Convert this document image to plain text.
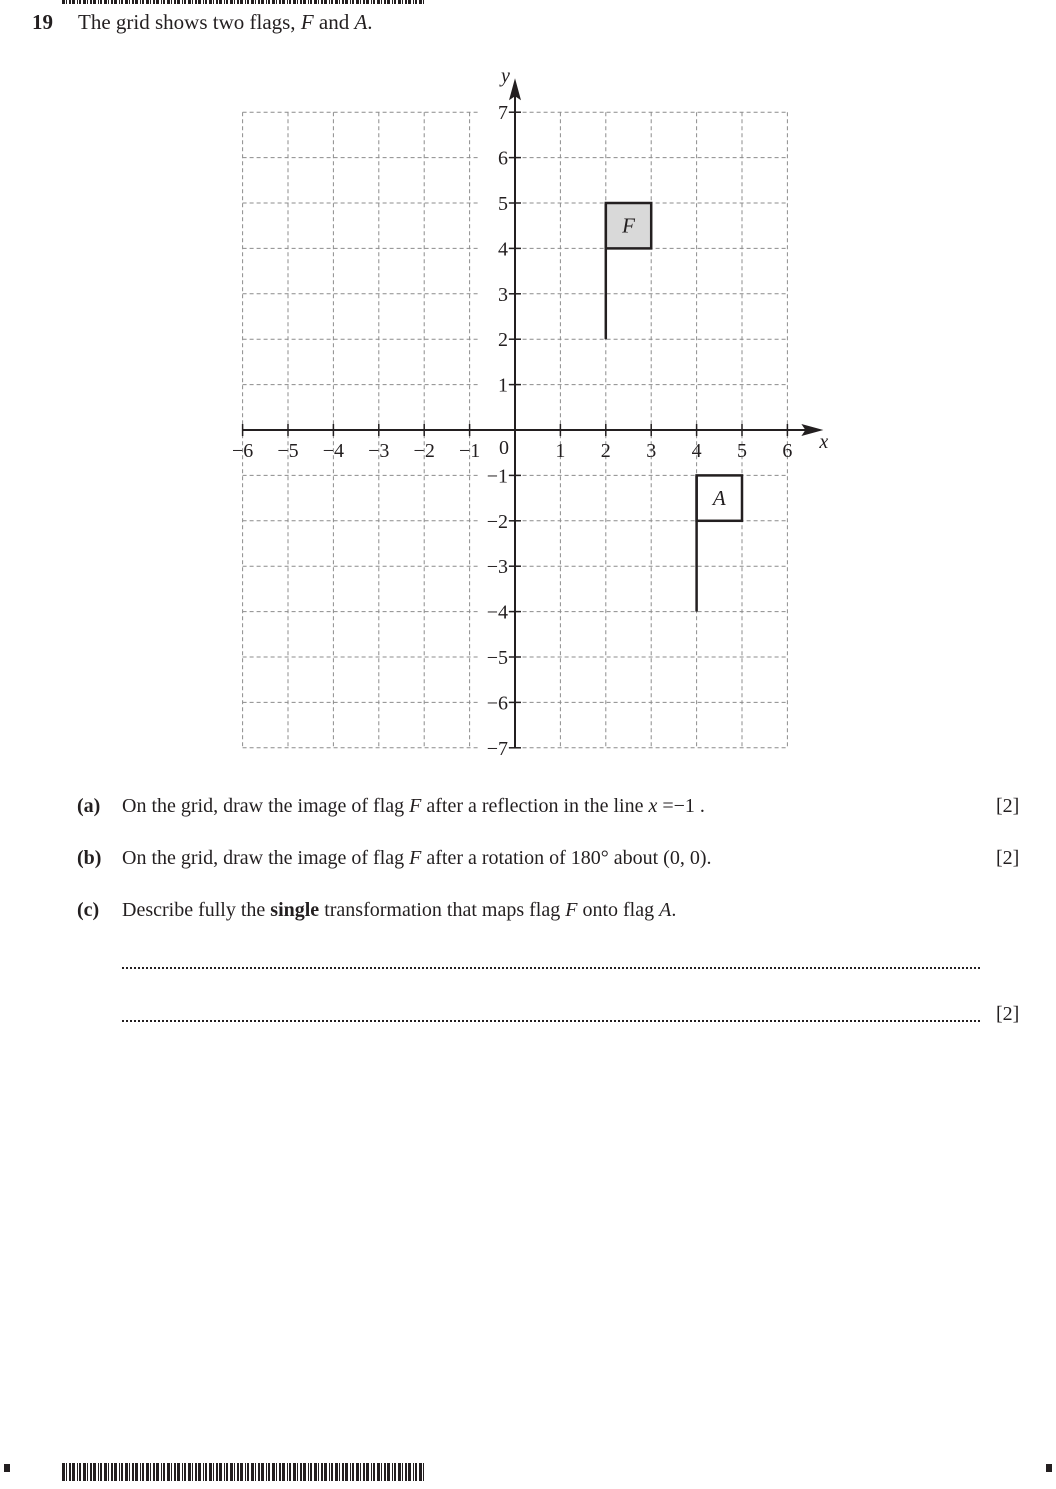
19 The grid shows two flags, F and A.
x
y
0
−6 −5 −4 −3 −2 −1	1 2 3 4 5 6
7
6
5
4
3
2
1
−1
−2
−3
−4
−5
−6
−7
F
A
(a) On the grid, draw the image of flag F after a reflection in the line x =−1 .	[2]
(b) On the grid, draw the image of flag F after a rotation of 180° about (0, 0).	[2]
(c) Describe fully the single transformation that maps flag F onto flag A.
[2]
